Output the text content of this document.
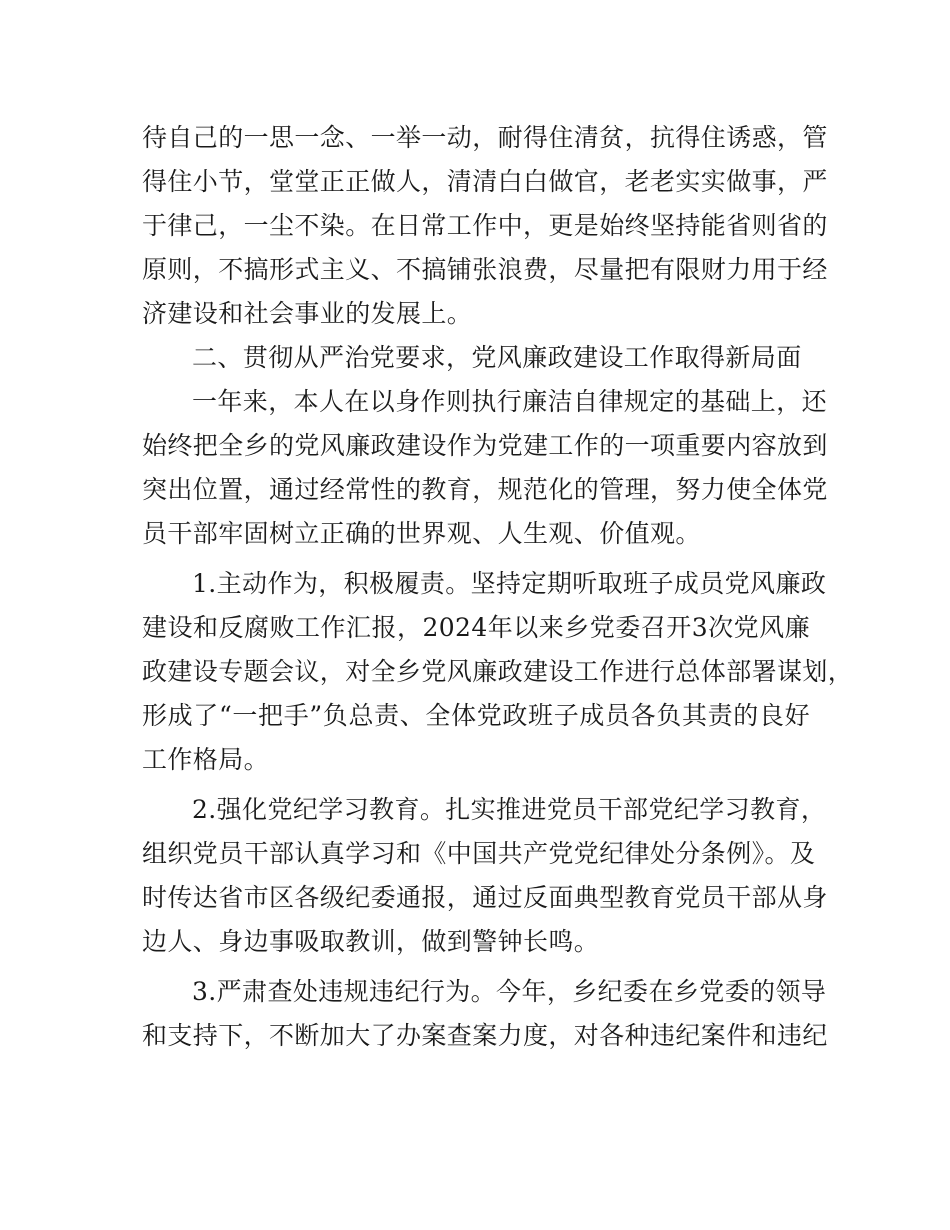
待自己的一思一念、一举一动，耐得住清贫，抗得住诱惑，管
得住小节，堂堂正正做人，清清白白做官，老老实实做事，严
于律己，一尘不染。在日常工作中，更是始终坚持能省则省的
原则，不搞形式主义、不搞铺张浪费，尽量把有限财力用于经
济建设和社会事业的发展上。
二、贯彻从严治党要求，党风廉政建设工作取得新局面
一年来，本人在以身作则执行廉洁自律规定的基础上，还
始终把全乡的党风廉政建设作为党建工作的一项重要内容放到
突出位置，通过经常性的教育，规范化的管理，努力使全体党
员干部牢固树立正确的世界观、人生观、价值观。
1.主动作为，积极履责。坚持定期听取班子成员党风廉政
建设和反腐败工作汇报，2024年以来乡党委召开3次党风廉
政建设专题会议，对全乡党风廉政建设工作进行总体部署谋划，
形成了“一把手”负总责、全体党政班子成员各负其责的良好
工作格局。
2.强化党纪学习教育。扎实推进党员干部党纪学习教育，
组织党员干部认真学习和《中国共产党党纪律处分条例》。及
时传达省市区各级纪委通报，通过反面典型教育党员干部从身
边人、身边事吸取教训，做到警钟长鸣。
3.严肃查处违规违纪行为。今年，乡纪委在乡党委的领导
和支持下，不断加大了办案查案力度，对各种违纪案件和违纪
